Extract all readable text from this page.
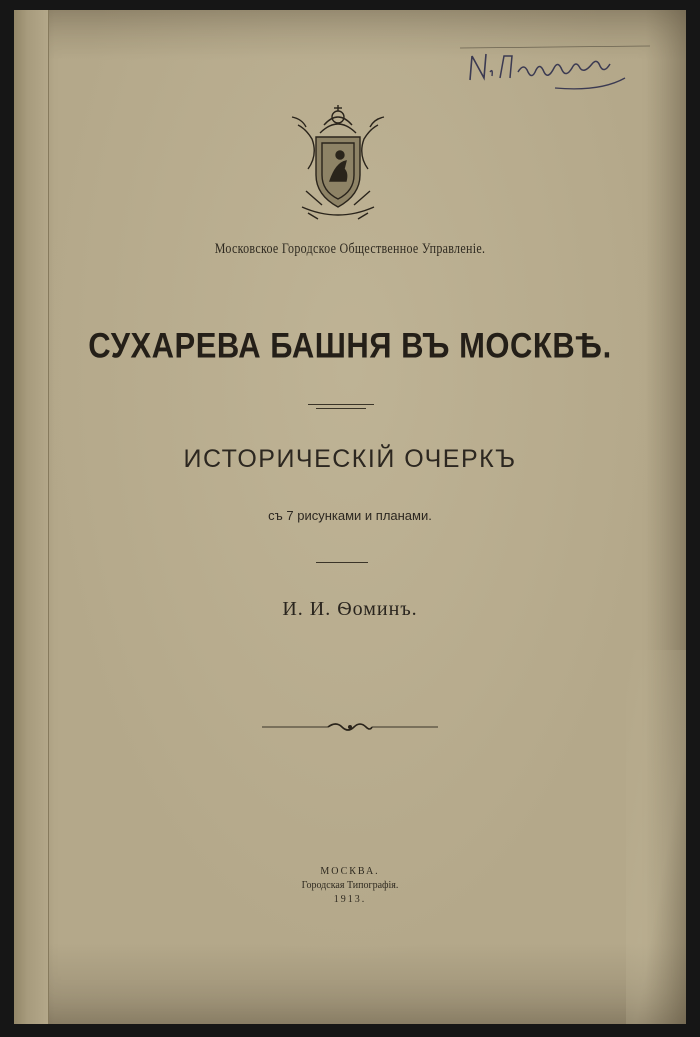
Московское Городское Общественное Управленіе.
СУХАРЕВА БАШНЯ ВЪ МОСКВѢ.
ИСТОРИЧЕСКІЙ ОЧЕРКЪ
съ 7 рисунками и планами.
И. И. Ѳоминъ.
МОСКВА.
Городская Типографія.
1913.
